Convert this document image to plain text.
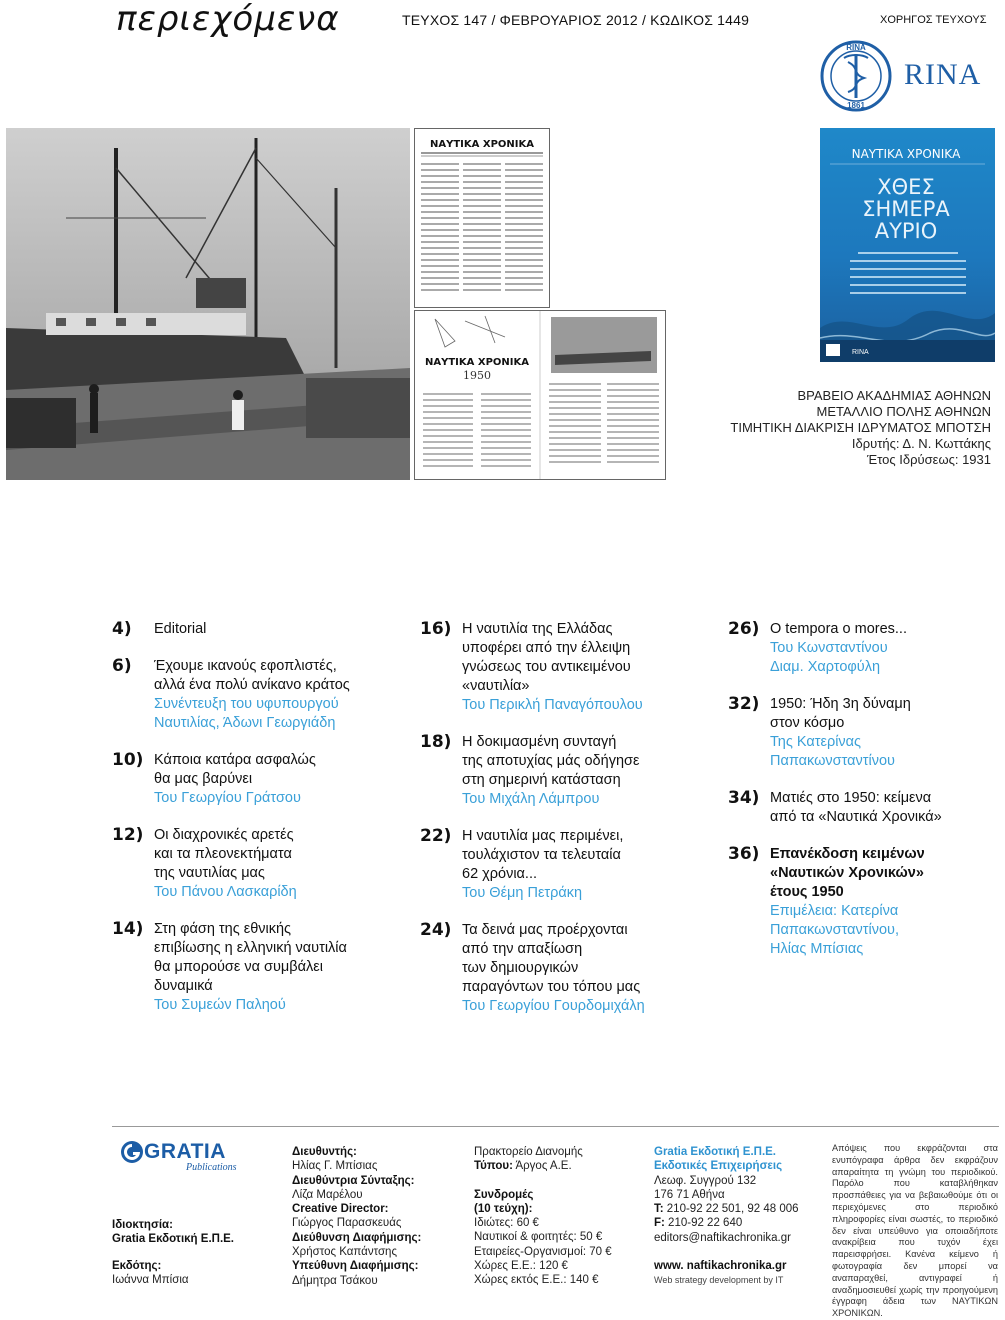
περιεχόμενα	ΤΕΥΧΟΣ 147 / ΦΕΒΡΟΥΑΡΙΟΣ 2012 / ΚΩΔΙΚΟΣ 1449	ΧΟΡΗΓΟΣ ΤΕΥΧΟΥΣ
RINA
1861
RINA
ΝΑΥΤΙΚΑ ΧΡΟΝΙΚΑ
ΝΑΥΤΙΚΑ ΧΡΟΝΙΚΑ
1950
ΝΑΥΤΙΚΑ ΧΡΟΝΙΚΑ
ΧΘΕΣ
ΣΗΜΕΡΑ
ΑΥΡΙΟ
RINA
ΒΡΑΒΕΙΟ ΑΚΑΔΗΜΙΑΣ ΑΘΗΝΩΝ
ΜΕΤΑΛΛΙΟ ΠΟΛΗΣ ΑΘΗΝΩΝ
ΤΙΜΗΤΙΚΗ ΔΙΑΚΡΙΣΗ ΙΔΡΥΜΑΤΟΣ ΜΠΟΤΣΗ
Ιδρυτής: Δ. Ν. Κωττάκης
Έτος Ιδρύσεως: 1931
4)	Editorial
6)	Έχουμε ικανούς εφοπλιστές,
αλλά ένα πολύ ανίκανο κράτος
Συνέντευξη του υφυπουργού
Ναυτιλίας, Άδωνι Γεωργιάδη
10) Κάποια κατάρα ασφαλώς
θα μας βαρύνει
Του Γεωργίου Γράτσου
12) Οι διαχρονικές αρετές
και τα πλεονεκτήματα
της ναυτιλίας μας
Του Πάνου Λασκαρίδη
14) Στη φάση της εθνικής
επιβίωσης η ελληνική ναυτιλία
θα μπορούσε να συμβάλει
δυναμικά
Του Συμεών Παληού
16) Η ναυτιλία της Ελλάδας
υποφέρει από την έλλειψη
γνώσεως του αντικειμένου
«ναυτιλία»
Του Περικλή Παναγόπουλου
18) Η δοκιμασμένη συνταγή
της αποτυχίας μάς οδήγησε
στη σημερινή κατάσταση
Του Μιχάλη Λάμπρου
22) Η ναυτιλία μας περιμένει,
τουλάχιστον τα τελευταία
62 χρόνια...
Του Θέμη Πετράκη
24) Τα δεινά μας προέρχονται
από την απαξίωση
των δημιουργικών
παραγόντων του τόπου μας
Του Γεωργίου Γουρδομιχάλη
26) O tempora o mores...
Του Κωνσταντίνου
Διαμ. Χαρτοφύλη
32) 1950: Ήδη 3η δύναμη
στον κόσμο
Της Κατερίνας
Παπακωνσταντίνου
34) Ματιές στο 1950: κείμενα
από τα «Ναυτικά Χρονικά»
36) Επανέκδοση κειμένων
«Ναυτικών Χρονικών»
έτους 1950
Επιμέλεια: Κατερίνα
Παπακωνσταντίνου,
Ηλίας Μπίσιας
GRATIA
Publications
Ιδιοκτησία:
Gratia Εκδοτική Ε.Π.Ε.
Εκδότης:
Ιωάννα Μπίσια
Διευθυντής:
Ηλίας Γ. Μπίσιας
Διευθύντρια Σύνταξης:
Λίζα Μαρέλου
Creative Director:
Γιώργος Παρασκευάς
Διεύθυνση Διαφήμισης:
Χρήστος Καπάντσης
Υπεύθυνη Διαφήμισης:
Δήμητρα Τσάκου
Πρακτορείο Διανομής
Τύπου: Άργος Α.Ε.
Συνδρομές
(10 τεύχη):
Ιδιώτες: 60 €
Ναυτικοί & φοιτητές: 50 €
Εταιρείες-Οργανισμοί: 70 €
Χώρες Ε.Ε.: 120 €
Χώρες εκτός Ε.Ε.: 140 €
Gratia Εκδοτική Ε.Π.Ε.
Εκδοτικές Επιχειρήσεις
Λεωφ. Συγγρού 132
176 71 Αθήνα
T: 210-92 22 501, 92 48 006
F: 210-92 22 640
editors@naftikachronika.gr
www. naftikachronika.gr
Web strategy development by IT
Απόψεις που εκφράζονται στα ενυπόγραφα άρθρα δεν εκφράζουν απαραίτητα τη γνώμη του περιοδικού. Παρόλο που καταβλήθηκαν προσπάθειες για να βεβαιωθούμε ότι οι περιεχόμενες στο περιοδικό πληροφορίες είναι σωστές, το περιοδικό δεν είναι υπεύθυνο για οποιαδήποτε ανακρίβεια που τυχόν έχει παρεισφρήσει. Κανένα κείμενο ή φωτογραφία δεν μπορεί να αναπαραχθεί, αντιγραφεί ή αναδημοσιευθεί χωρίς την προηγούμενη έγγραφη άδεια των ΝΑΥΤΙΚΩΝ ΧΡΟΝΙΚΩΝ.
